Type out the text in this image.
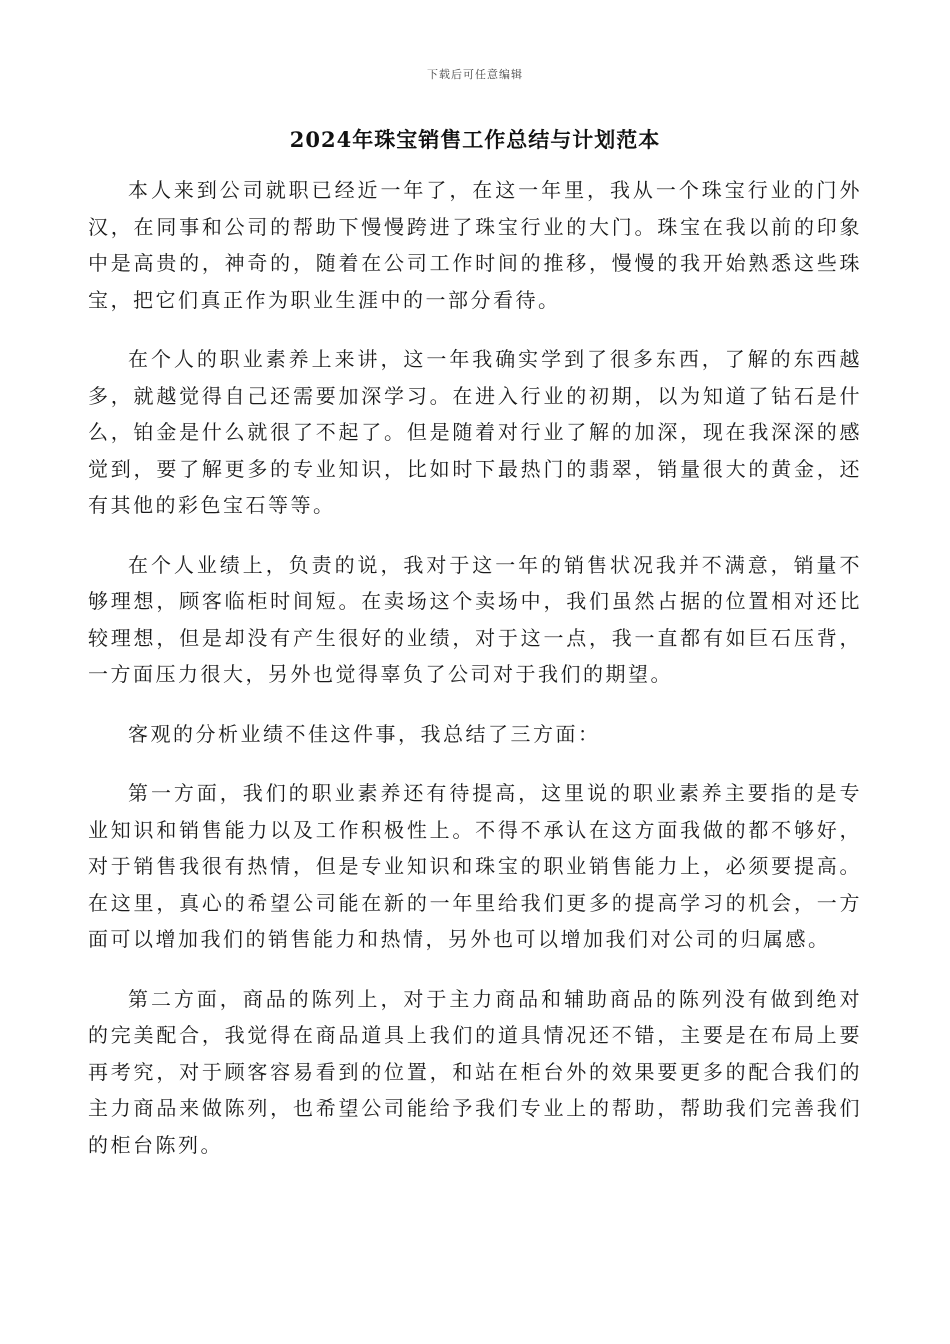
下载后可任意编辑
2024年珠宝销售工作总结与计划范本

本人来到公司就职已经近一年了，在这一年里，我从一个珠宝行业的门外汉，在同事和公司的帮助下慢慢跨进了珠宝行业的大门。珠宝在我以前的印象中是高贵的，神奇的，随着在公司工作时间的推移，慢慢的我开始熟悉这些珠宝，把它们真正作为职业生涯中的一部分看待。

在个人的职业素养上来讲，这一年我确实学到了很多东西，了解的东西越多，就越觉得自己还需要加深学习。在进入行业的初期，以为知道了钻石是什么，铂金是什么就很了不起了。但是随着对行业了解的加深，现在我深深的感觉到，要了解更多的专业知识，比如时下最热门的翡翠，销量很大的黄金，还有其他的彩色宝石等等。

在个人业绩上，负责的说，我对于这一年的销售状况我并不满意，销量不够理想，顾客临柜时间短。在卖场这个卖场中，我们虽然占据的位置相对还比较理想，但是却没有产生很好的业绩，对于这一点，我一直都有如巨石压背，一方面压力很大，另外也觉得辜负了公司对于我们的期望。

客观的分析业绩不佳这件事，我总结了三方面：

第一方面，我们的职业素养还有待提高，这里说的职业素养主要指的是专业知识和销售能力以及工作积极性上。不得不承认在这方面我做的都不够好，对于销售我很有热情，但是专业知识和珠宝的职业销售能力上，必须要提高。在这里，真心的希望公司能在新的一年里给我们更多的提高学习的机会，一方面可以增加我们的销售能力和热情，另外也可以增加我们对公司的归属感。

第二方面，商品的陈列上，对于主力商品和辅助商品的陈列没有做到绝对的完美配合，我觉得在商品道具上我们的道具情况还不错，主要是在布局上要再考究，对于顾客容易看到的位置，和站在柜台外的效果要更多的配合我们的主力商品来做陈列，也希望公司能给予我们专业上的帮助，帮助我们完善我们的柜台陈列。
